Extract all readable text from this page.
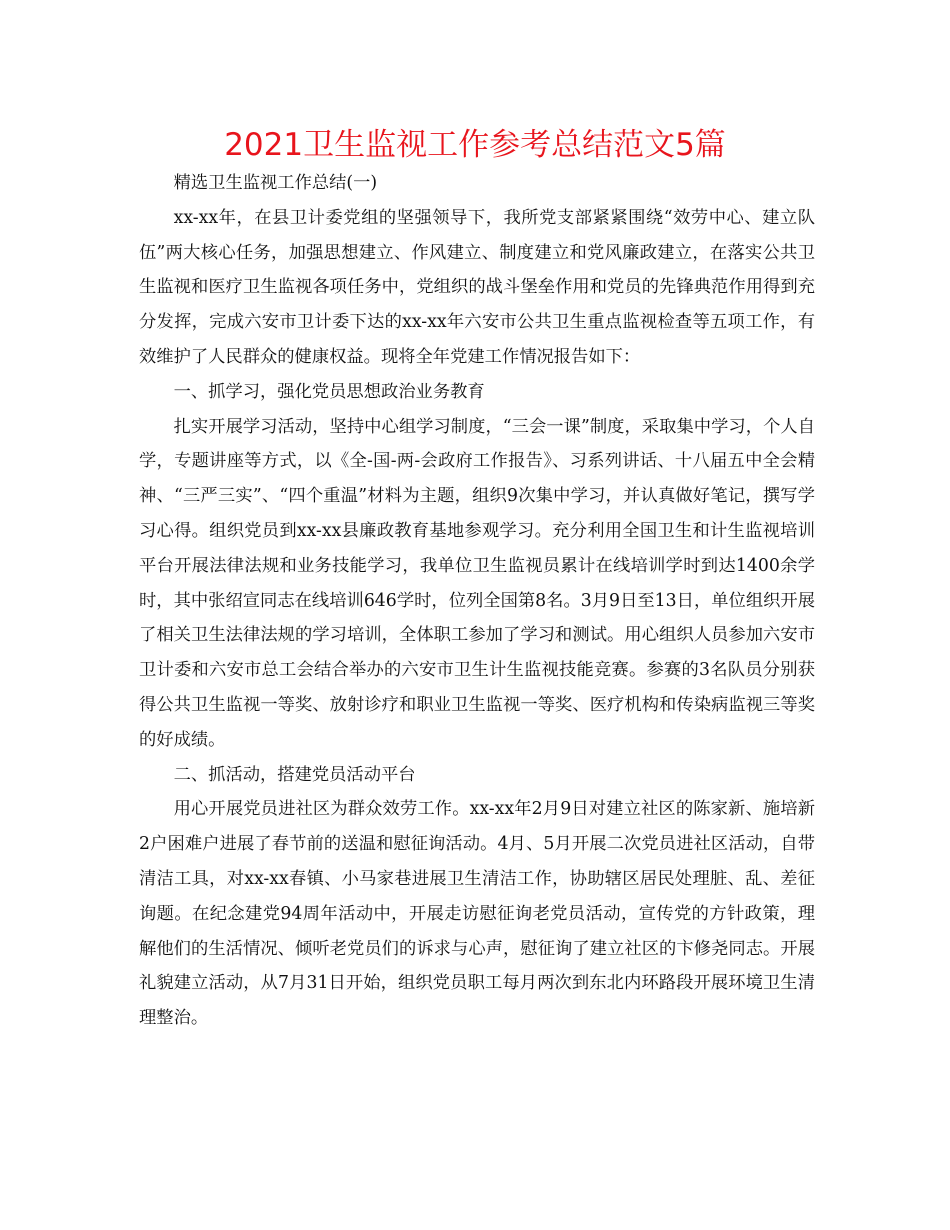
2021卫生监视工作参考总结范文5篇

精选卫生监视工作总结(一)

xx-xx年，在县卫计委党组的坚强领导下，我所党支部紧紧围绕“效劳中心、建立队伍”两大核心任务，加强思想建立、作风建立、制度建立和党风廉政建立，在落实公共卫生监视和医疗卫生监视各项任务中，党组织的战斗堡垒作用和党员的先锋典范作用得到充分发挥，完成六安市卫计委下达的xx-xx年六安市公共卫生重点监视检查等五项工作，有效维护了人民群众的健康权益。现将全年党建工作情况报告如下：

一、抓学习，强化党员思想政治业务教育

扎实开展学习活动，坚持中心组学习制度，“三会一课”制度，采取集中学习，个人自学，专题讲座等方式，以《全-国-两-会政府工作报告》、习系列讲话、十八届五中全会精神、“三严三实”、“四个重温”材料为主题，组织9次集中学习，并认真做好笔记，撰写学习心得。组织党员到xx-xx县廉政教育基地参观学习。充分利用全国卫生和计生监视培训平台开展法律法规和业务技能学习，我单位卫生监视员累计在线培训学时到达1400余学时，其中张绍宣同志在线培训646学时，位列全国第8名。3月9日至13日，单位组织开展了相关卫生法律法规的学习培训，全体职工参加了学习和测试。用心组织人员参加六安市卫计委和六安市总工会结合举办的六安市卫生计生监视技能竞赛。参赛的3名队员分别获得公共卫生监视一等奖、放射诊疗和职业卫生监视一等奖、医疗机构和传染病监视三等奖的好成绩。

二、抓活动，搭建党员活动平台

用心开展党员进社区为群众效劳工作。xx-xx年2月9日对建立社区的陈家新、施培新2户困难户进展了春节前的送温和慰征询活动。4月、5月开展二次党员进社区活动，自带清洁工具，对xx-xx春镇、小马家巷进展卫生清洁工作，协助辖区居民处理脏、乱、差征询题。在纪念建党94周年活动中，开展走访慰征询老党员活动，宣传党的方针政策，理解他们的生活情况、倾听老党员们的诉求与心声，慰征询了建立社区的卞修尧同志。开展礼貌建立活动，从7月31日开始，组织党员职工每月两次到东北内环路段开展环境卫生清理整治。
